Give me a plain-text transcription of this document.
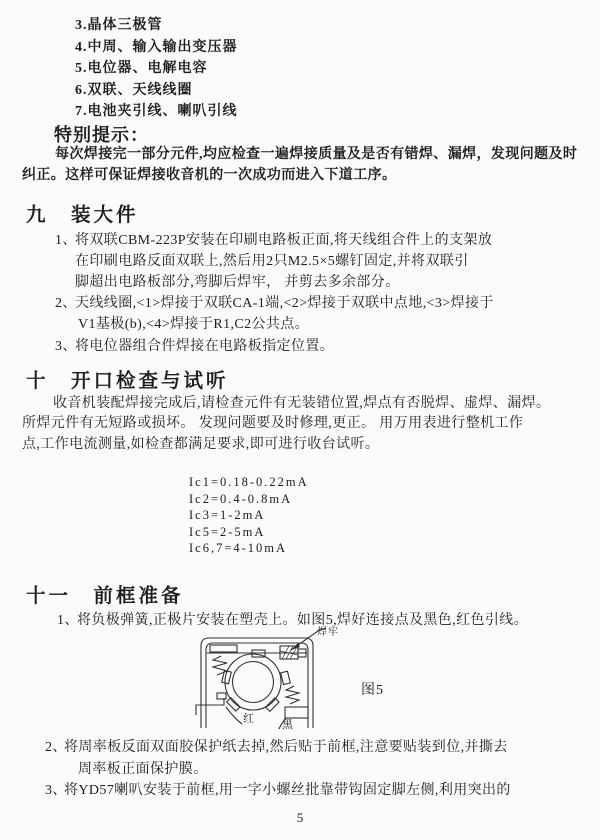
3.晶体三极管
4.中周、输入输出变压器
5.电位器、电解电容
6.双联、天线线圈
7.电池夹引线、喇叭引线
特别提示：
每次焊接完一部分元件,均应检查一遍焊接质量及是否有错焊、漏焊，发现问题及时
纠正。这样可保证焊接收音机的一次成功而进入下道工序。
九　装大件
1、将双联CBM-223P安装在印刷电路板正面,将天线组合件上的支架放
在印刷电路反面双联上,然后用2只M2.5×5螺钉固定,并将双联引
脚超出电路板部分,弯脚后焊牢， 并剪去多余部分。
2、天线线圈,<1>焊接于双联CA-1端,<2>焊接于双联中点地,<3>焊接于
V1基极(b),<4>焊接于R1,C2公共点。
3、将电位器组合件焊接在电路板指定位置。
十　开口检查与试听
收音机装配焊接完成后,请检查元件有无装错位置,焊点有否脱焊、虚焊、漏焊。
所焊元件有无短路或损坏。 发现问题要及时修理,更正。 用万用表进行整机工作
点,工作电流测量,如检查都满足要求,即可进行收台试听。
Ic1=0.18-0.22mA
Ic2=0.4-0.8mA
Ic3=1-2mA
Ic5=2-5mA
Ic6,7=4-10mA
十一　前框准备
1、将负极弹簧,正极片安装在塑壳上。如图5,焊好连接点及黑色,红色引线。
焊牢
红	黑
图5
2、将周率板反面双面胶保护纸去掉,然后贴于前框,注意要贴装到位,并撕去
周率板正面保护膜。
3、将YD57喇叭安装于前框,用一字小螺丝批靠带钩固定脚左侧,利用突出的
5
